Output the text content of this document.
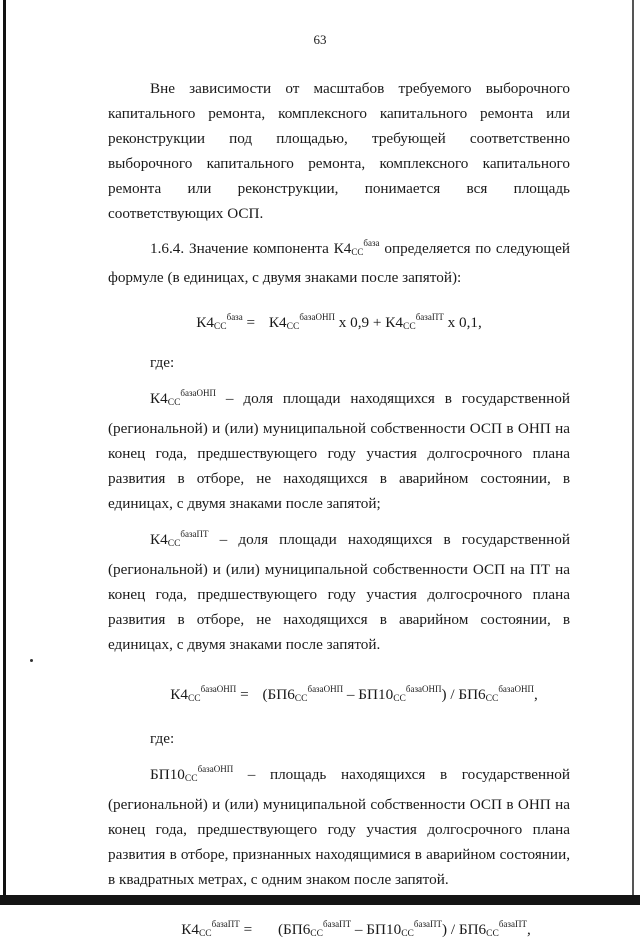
63

Вне зависимости от масштабов требуемого выборочного капитального ремонта, комплексного капитального ремонта или реконструкции под площадью, требующей соответственно выборочного капитального ремонта, комплексного капитального ремонта или реконструкции, понимается вся площадь соответствующих ОСП.

1.6.4. Значение компонента $К4_{СС}^{база}$ определяется по следующей формуле (в единицах, с двумя знаками после запятой):

$К4_{СС}^{база} = К4_{СС}^{базаОНП}$ х $0,9 + К4_{СС}^{базаПТ}$ х 0,1,

где:

$К4_{СС}^{базаОНП}$ – доля площади находящихся в государственной (региональной) и (или) муниципальной собственности ОСП в ОНП на конец года, предшествующего году участия долгосрочного плана развития в отборе, не находящихся в аварийном состоянии, в единицах, с двумя знаками после запятой;

$К4_{СС}^{базаПТ}$ – доля площади находящихся в государственной (региональной) и (или) муниципальной собственности ОСП на ПТ на конец года, предшествующего году участия долгосрочного плана развития в отборе, не находящихся в аварийном состоянии, в единицах, с двумя знаками после запятой.

$К4_{СС}^{базаОНП} = (БП6_{СС}^{базаОНП} - БП10_{СС}^{базаОНП}) / БП6_{СС}^{базаОНП}$,

где:

$БП10_{СС}^{базаОНП}$ – площадь находящихся в государственной (региональной) и (или) муниципальной собственности ОСП в ОНП на конец года, предшествующего году участия долгосрочного плана развития в отборе, признанных находящимися в аварийном состоянии, в квадратных метрах, с одним знаком после запятой.

$К4_{СС}^{базаПТ} = (БП6_{СС}^{базаПТ} - БП10_{СС}^{базаПТ}) / БП6_{СС}^{базаПТ}$,
